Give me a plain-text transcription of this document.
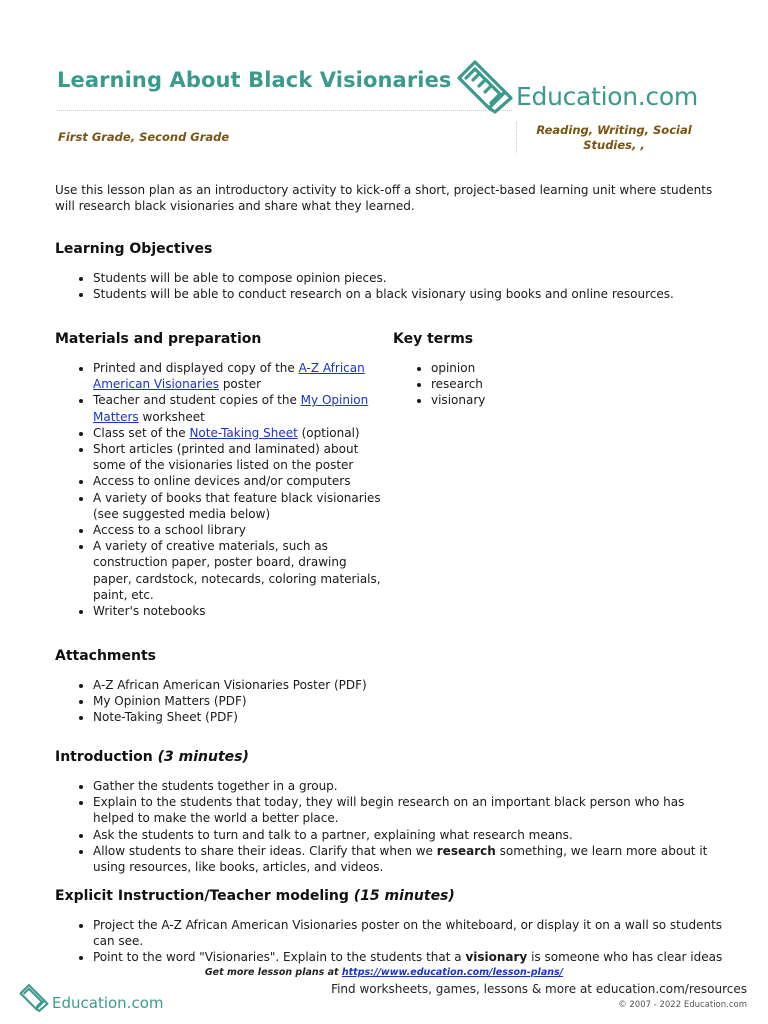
Learning About Black Visionaries
Education.com
First Grade, Second Grade	Reading, Writing, Social Studies, ,

Use this lesson plan as an introductory activity to kick-off a short, project-based learning unit where students will research black visionaries and share what they learned.

Learning Objectives
• Students will be able to compose opinion pieces.
• Students will be able to conduct research on a black visionary using books and online resources.
Materials and preparation
• Printed and displayed copy of the A-Z African American Visionaries poster
• Teacher and student copies of the My Opinion Matters worksheet
• Class set of the Note-Taking Sheet (optional)
• Short articles (printed and laminated) about some of the visionaries listed on the poster
• Access to online devices and/or computers
• A variety of books that feature black visionaries (see suggested media below)
• Access to a school library
• A variety of creative materials, such as construction paper, poster board, drawing paper, cardstock, notecards, coloring materials, paint, etc.
• Writer's notebooks
Key terms
• opinion
• research
• visionary
Attachments
• A-Z African American Visionaries Poster (PDF)
• My Opinion Matters (PDF)
• Note-Taking Sheet (PDF)
Introduction (3 minutes)
• Gather the students together in a group.
• Explain to the students that today, they will begin research on an important black person who has helped to make the world a better place.
• Ask the students to turn and talk to a partner, explaining what research means.
• Allow students to share their ideas. Clarify that when we research something, we learn more about it using resources, like books, articles, and videos.
Explicit Instruction/Teacher modeling (15 minutes)
• Project the A-Z African American Visionaries poster on the whiteboard, or display it on a wall so students can see.
• Point to the word "Visionaries". Explain to the students that a visionary is someone who has clear ideas
Get more lesson plans at https://www.education.com/lesson-plans/
Education.com
Find worksheets, games, lessons & more at education.com/resources
© 2007 - 2022 Education.com
